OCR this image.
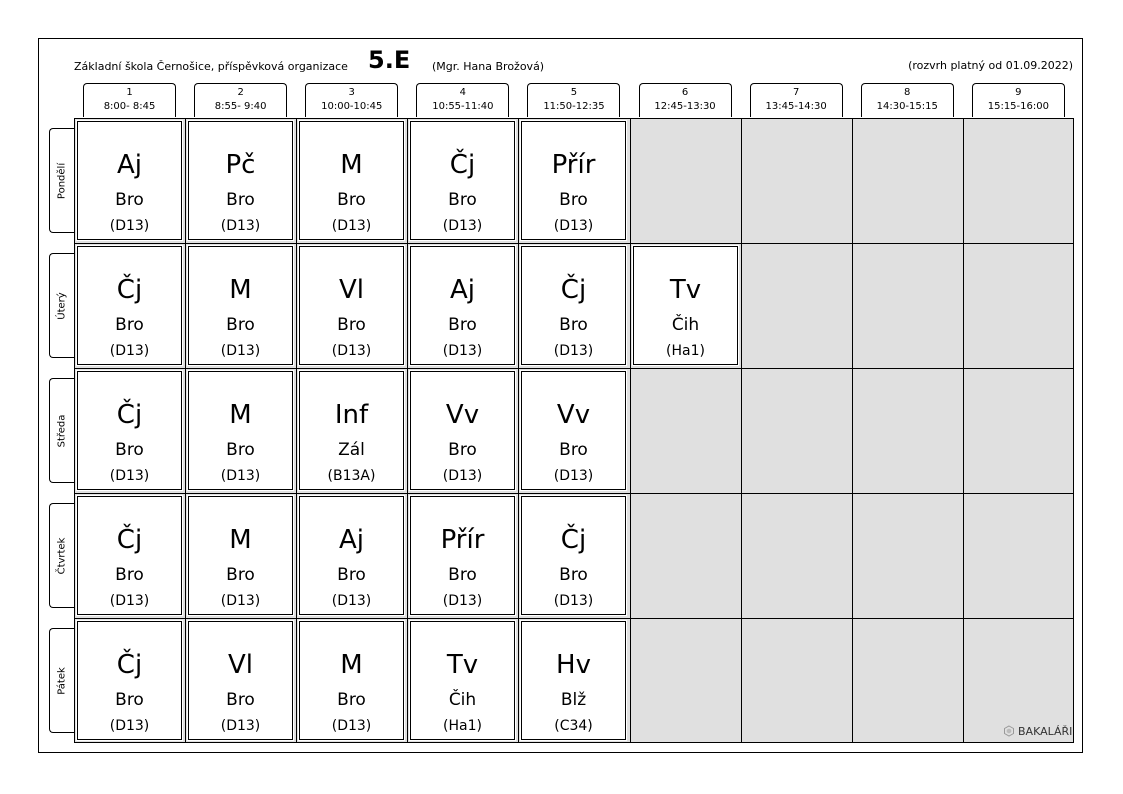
Základní škola Černošice, příspěvková organizace 5.E (Mgr. Hana Brožová)	(rozvrh platný od 01.09.2022)
1
8:00- 8:45
2
8:55- 9:40
3
10:00-10:45
4
10:55-11:40
5
11:50-12:35
6
12:45-13:30
7
13:45-14:30
8
14:30-15:15
9
15:15-16:00
Pondělí
Úterý
Středa
Čtvrtek
Pátek
Aj
Bro
(D13)
Pč
Bro
(D13)
M
Bro
(D13)
Čj
Bro
(D13)
Přír
Bro
(D13)
Čj
Bro
(D13)
M
Bro
(D13)
Vl
Bro
(D13)
Aj
Bro
(D13)
Čj
Bro
(D13)
Tv
Čih
(Ha1)
Čj
Bro
(D13)
M
Bro
(D13)
Inf
Zál
(B13A)
Vv
Bro
(D13)
Vv
Bro
(D13)
Čj
Bro
(D13)
M
Bro
(D13)
Aj
Bro
(D13)
Přír
Bro
(D13)
Čj
Bro
(D13)
Čj
Bro
(D13)
Vl
Bro
(D13)
M
Bro
(D13)
Tv
Čih
(Ha1)
Hv
Blž
(C34)	BAKALÁŘI
